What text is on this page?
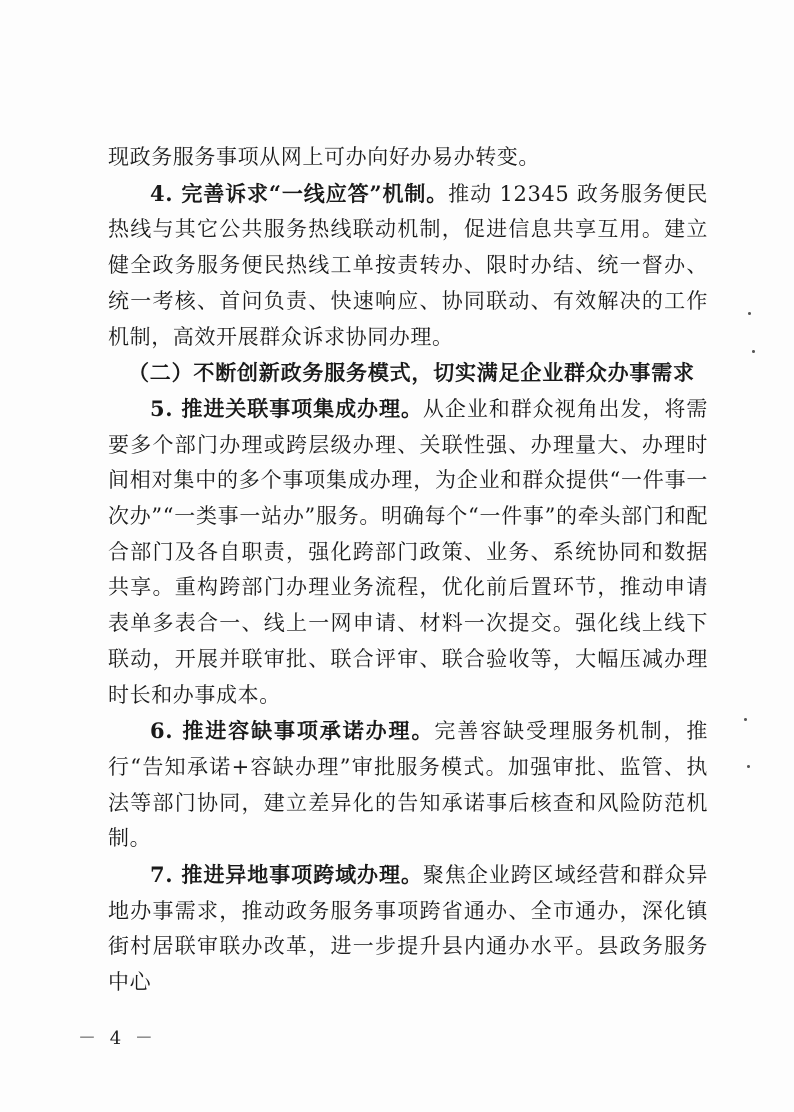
现政务服务事项从网上可办向好办易办转变。

4. 完善诉求“一线应答”机制。推动 12345 政务服务便民热线与其它公共服务热线联动机制，促进信息共享互用。建立健全政务服务便民热线工单按责转办、限时办结、统一督办、统一考核、首问负责、快速响应、协同联动、有效解决的工作机制，高效开展群众诉求协同办理。

（二）不断创新政务服务模式，切实满足企业群众办事需求

5. 推进关联事项集成办理。从企业和群众视角出发，将需要多个部门办理或跨层级办理、关联性强、办理量大、办理时间相对集中的多个事项集成办理，为企业和群众提供“一件事一次办”“一类事一站办”服务。明确每个“一件事”的牵头部门和配合部门及各自职责，强化跨部门政策、业务、系统协同和数据共享。重构跨部门办理业务流程，优化前后置环节，推动申请表单多表合一、线上一网申请、材料一次提交。强化线上线下联动，开展并联审批、联合评审、联合验收等，大幅压减办理时长和办事成本。

6. 推进容缺事项承诺办理。完善容缺受理服务机制，推行“告知承诺+容缺办理”审批服务模式。加强审批、监管、执法等部门协同，建立差异化的告知承诺事后核查和风险防范机制。

7. 推进异地事项跨域办理。聚焦企业跨区域经营和群众异地办事需求，推动政务服务事项跨省通办、全市通办，深化镇街村居联审联办改革，进一步提升县内通办水平。县政务服务中心

－ 4 －
